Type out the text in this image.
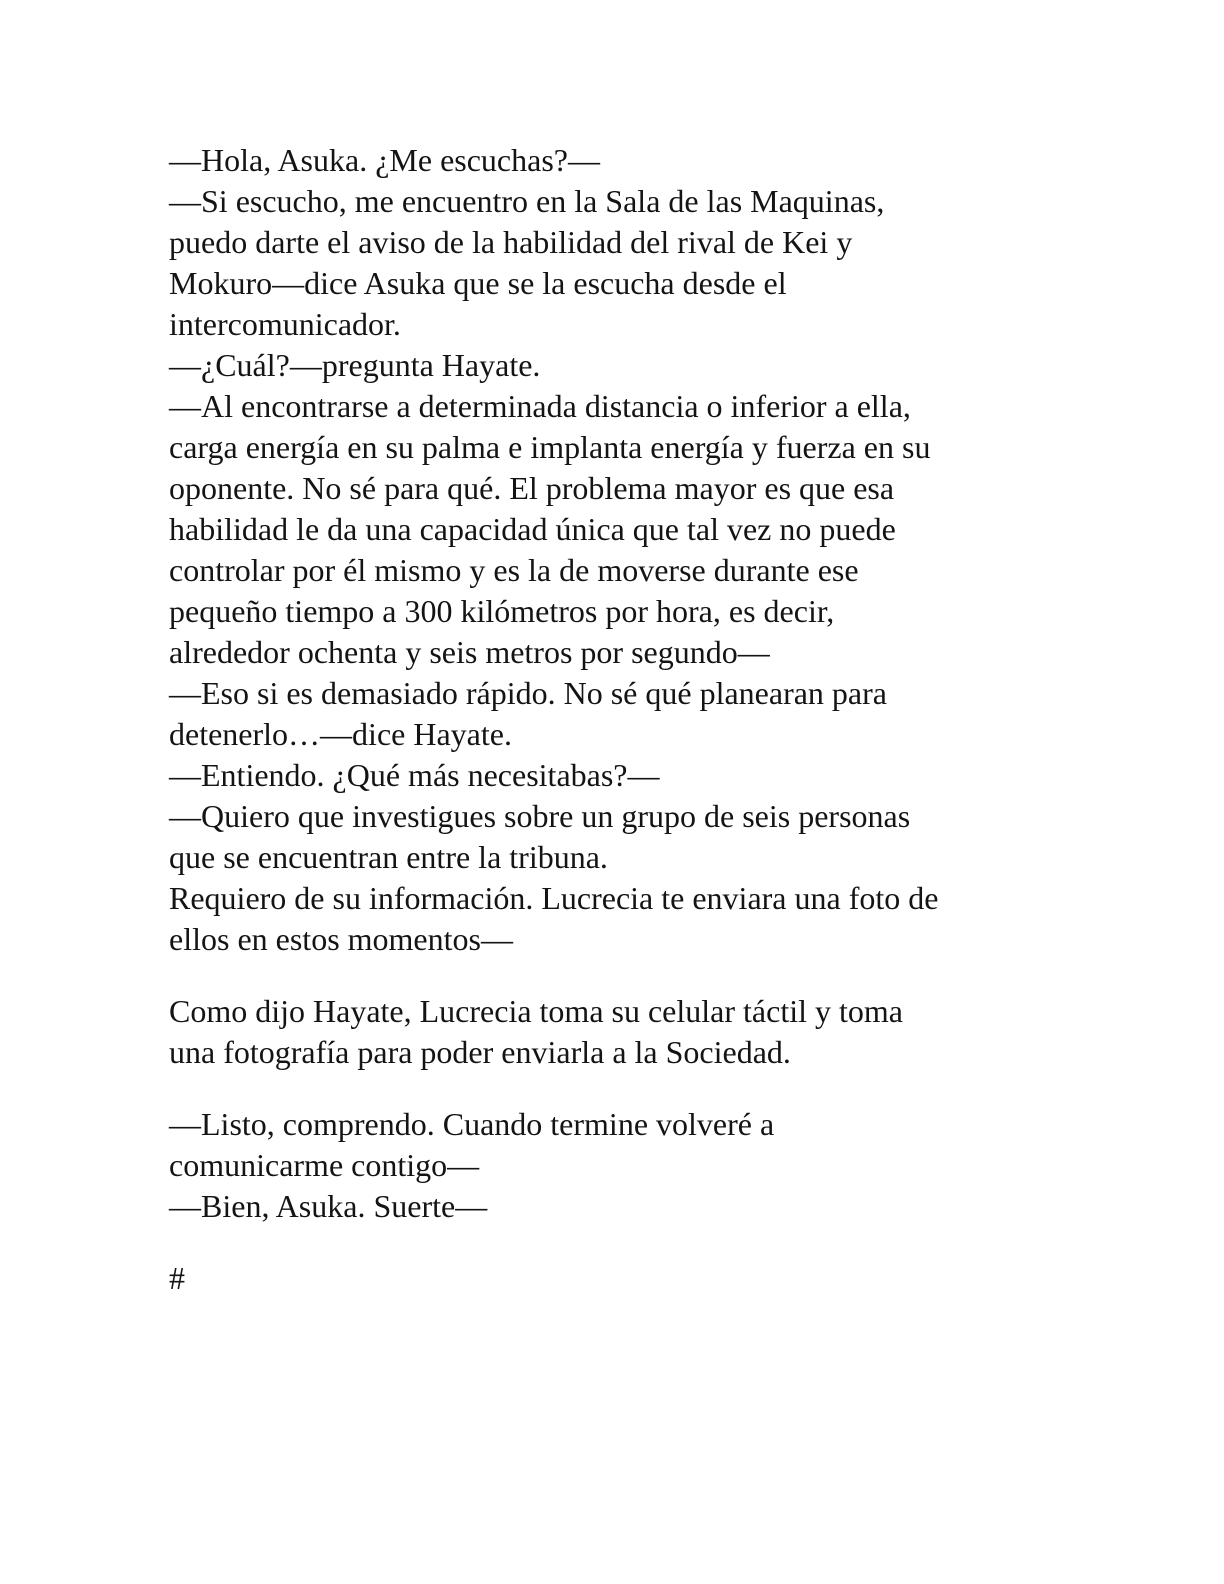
—Hola, Asuka. ¿Me escuchas?—

—Si escucho, me encuentro en la Sala de las Maquinas,

puedo darte el aviso de la habilidad del rival de Kei y

Mokuro—dice Asuka que se la escucha desde el

intercomunicador.

—¿Cuál?—pregunta Hayate.

—Al encontrarse a determinada distancia o inferior a ella,

carga energía en su palma e implanta energía y fuerza en su

oponente. No sé para qué. El problema mayor es que esa

habilidad le da una capacidad única que tal vez no puede

controlar por él mismo y es la de moverse durante ese

pequeño tiempo a 300 kilómetros por hora, es decir,

alrededor ochenta y seis metros por segundo—

—Eso si es demasiado rápido. No sé qué planearan para

detenerlo…—dice Hayate.

—Entiendo. ¿Qué más necesitabas?—

—Quiero que investigues sobre un grupo de seis personas

que se encuentran entre la tribuna.

Requiero de su información. Lucrecia te enviara una foto de

ellos en estos momentos—

Como dijo Hayate, Lucrecia toma su celular táctil y toma

una fotografía para poder enviarla a la Sociedad.

—Listo, comprendo. Cuando termine volveré a

comunicarme contigo—

—Bien, Asuka. Suerte—

#
